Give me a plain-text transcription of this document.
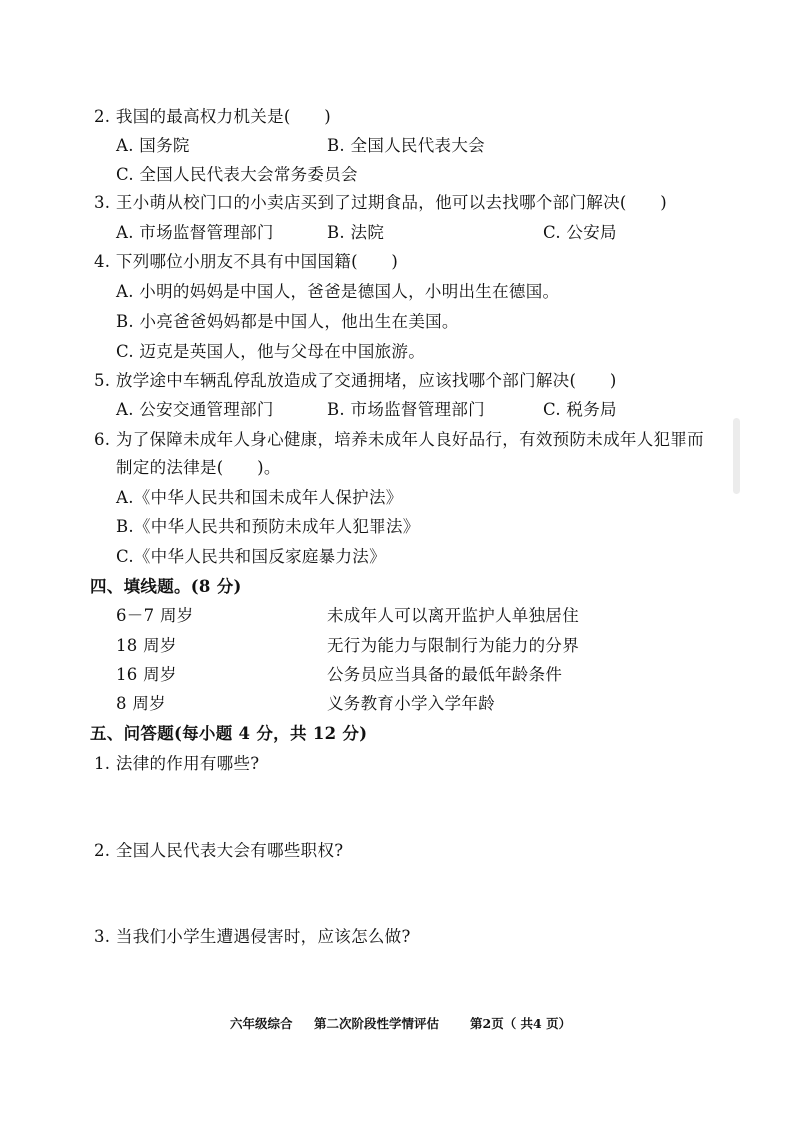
2. 我国的最高权力机关是(　　)
A. 国务院	B. 全国人民代表大会
C. 全国人民代表大会常务委员会
3. 王小萌从校门口的小卖店买到了过期食品，他可以去找哪个部门解决(　　)
A. 市场监督管理部门	B. 法院	C. 公安局
4. 下列哪位小朋友不具有中国国籍(　　)
A. 小明的妈妈是中国人，爸爸是德国人，小明出生在德国。
B. 小亮爸爸妈妈都是中国人，他出生在美国。
C. 迈克是英国人，他与父母在中国旅游。
5. 放学途中车辆乱停乱放造成了交通拥堵，应该找哪个部门解决(　　)
A. 公安交通管理部门	B. 市场监督管理部门	C. 税务局
6. 为了保障未成年人身心健康，培养未成年人良好品行，有效预防未成年人犯罪而
制定的法律是(　　)。
A.《中华人民共和国未成年人保护法》
B.《中华人民共和预防未成年人犯罪法》
C.《中华人民共和国反家庭暴力法》
四、填线题。(8 分)
6－7 周岁	未成年人可以离开监护人单独居住
18 周岁	无行为能力与限制行为能力的分界
16 周岁	公务员应当具备的最低年龄条件
8 周岁	义务教育小学入学年龄
五、问答题(每小题 4 分，共 12 分)
1. 法律的作用有哪些?
2. 全国人民代表大会有哪些职权?
3. 当我们小学生遭遇侵害时，应该怎么做?
六年级综合 第二次阶段性学情评估 第2页（ 共4 页）
